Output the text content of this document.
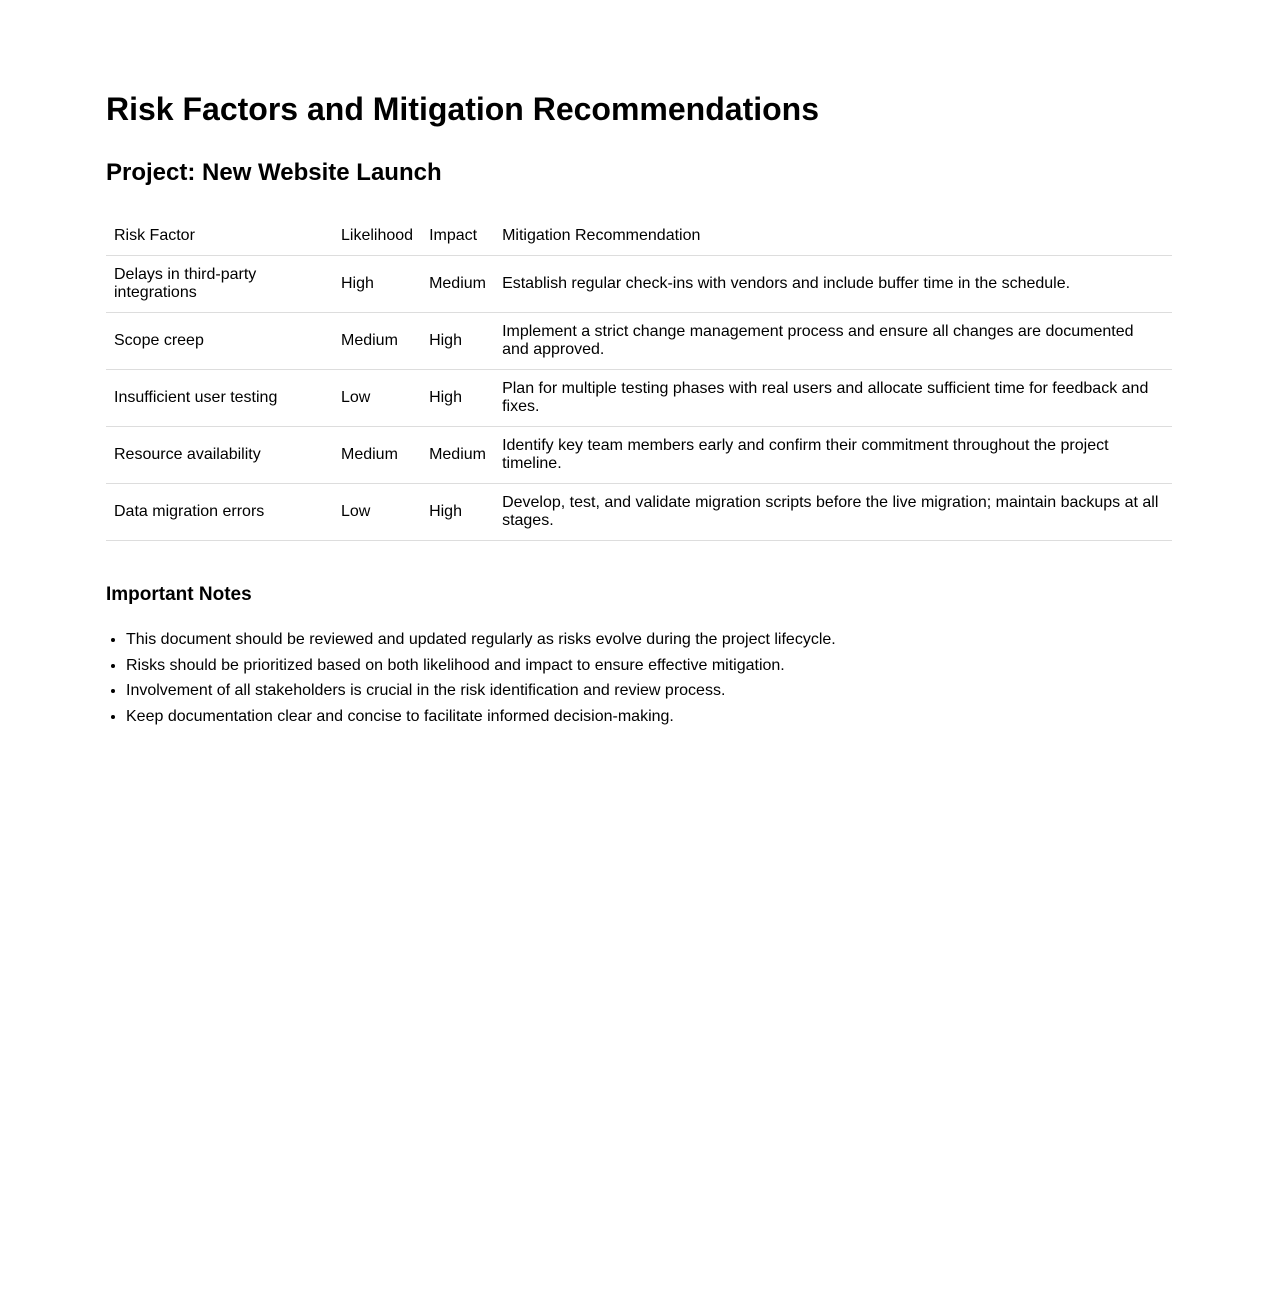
Risk Factors and Mitigation Recommendations
Project: New Website Launch
Risk Factor	Likelihood	Impact	Mitigation Recommendation
Delays in third-party integrations	High	Medium	Establish regular check-ins with vendors and include buffer time in the schedule.
Scope creep	Medium	High	Implement a strict change management process and ensure all changes are documented and approved.
Insufficient user testing	Low	High	Plan for multiple testing phases with real users and allocate sufficient time for feedback and fixes.
Resource availability	Medium	Medium	Identify key team members early and confirm their commitment throughout the project timeline.
Data migration errors	Low	High	Develop, test, and validate migration scripts before the live migration; maintain backups at all stages.
Important Notes
• This document should be reviewed and updated regularly as risks evolve during the project lifecycle.
• Risks should be prioritized based on both likelihood and impact to ensure effective mitigation.
• Involvement of all stakeholders is crucial in the risk identification and review process.
• Keep documentation clear and concise to facilitate informed decision-making.
